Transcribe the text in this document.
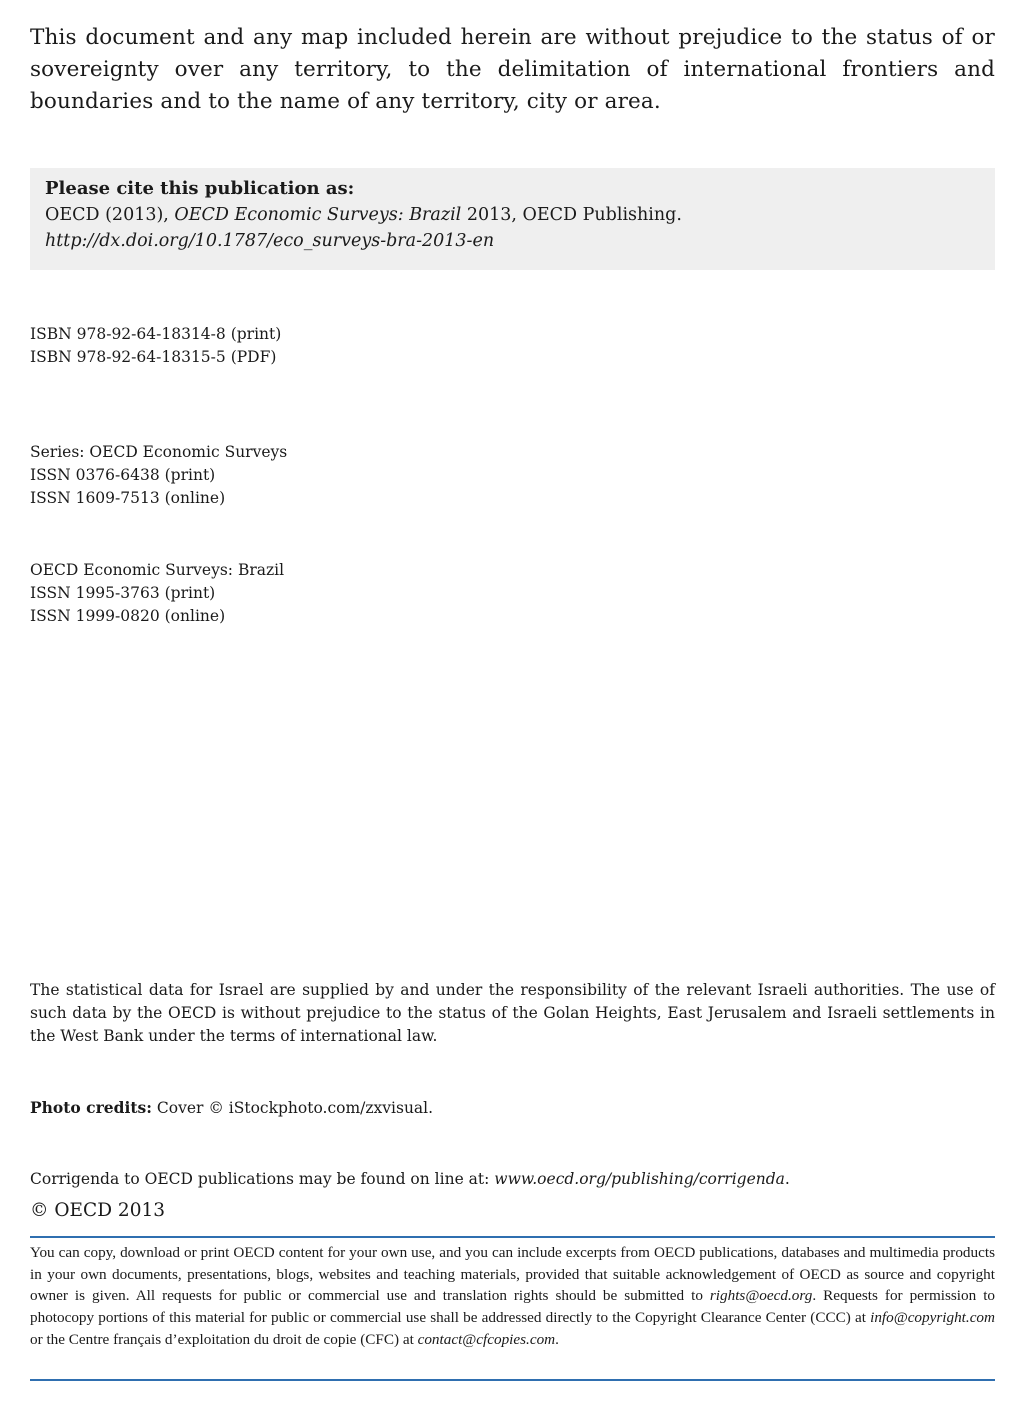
This document and any map included herein are without prejudice to the status of or sovereignty over any territory, to the delimitation of international frontiers and boundaries and to the name of any territory, city or area.
Please cite this publication as:
OECD (2013), OECD Economic Surveys: Brazil 2013, OECD Publishing.
http://dx.doi.org/10.1787/eco_surveys-bra-2013-en
ISBN 978-92-64-18314-8 (print)
ISBN 978-92-64-18315-5 (PDF)
Series: OECD Economic Surveys
ISSN 0376-6438 (print)
ISSN 1609-7513 (online)
OECD Economic Surveys: Brazil
ISSN 1995-3763 (print)
ISSN 1999-0820 (online)
The statistical data for Israel are supplied by and under the responsibility of the relevant Israeli authorities. The use of such data by the OECD is without prejudice to the status of the Golan Heights, East Jerusalem and Israeli settlements in the West Bank under the terms of international law.
Photo credits: Cover © iStockphoto.com/zxvisual.
Corrigenda to OECD publications may be found on line at: www.oecd.org/publishing/corrigenda.
© OECD 2013
You can copy, download or print OECD content for your own use, and you can include excerpts from OECD publications, databases and multimedia products in your own documents, presentations, blogs, websites and teaching materials, provided that suitable acknowledgement of OECD as source and copyright owner is given. All requests for public or commercial use and translation rights should be submitted to rights@oecd.org. Requests for permission to photocopy portions of this material for public or commercial use shall be addressed directly to the Copyright Clearance Center (CCC) at info@copyright.com or the Centre français d’exploitation du droit de copie (CFC) at contact@cfcopies.com.
